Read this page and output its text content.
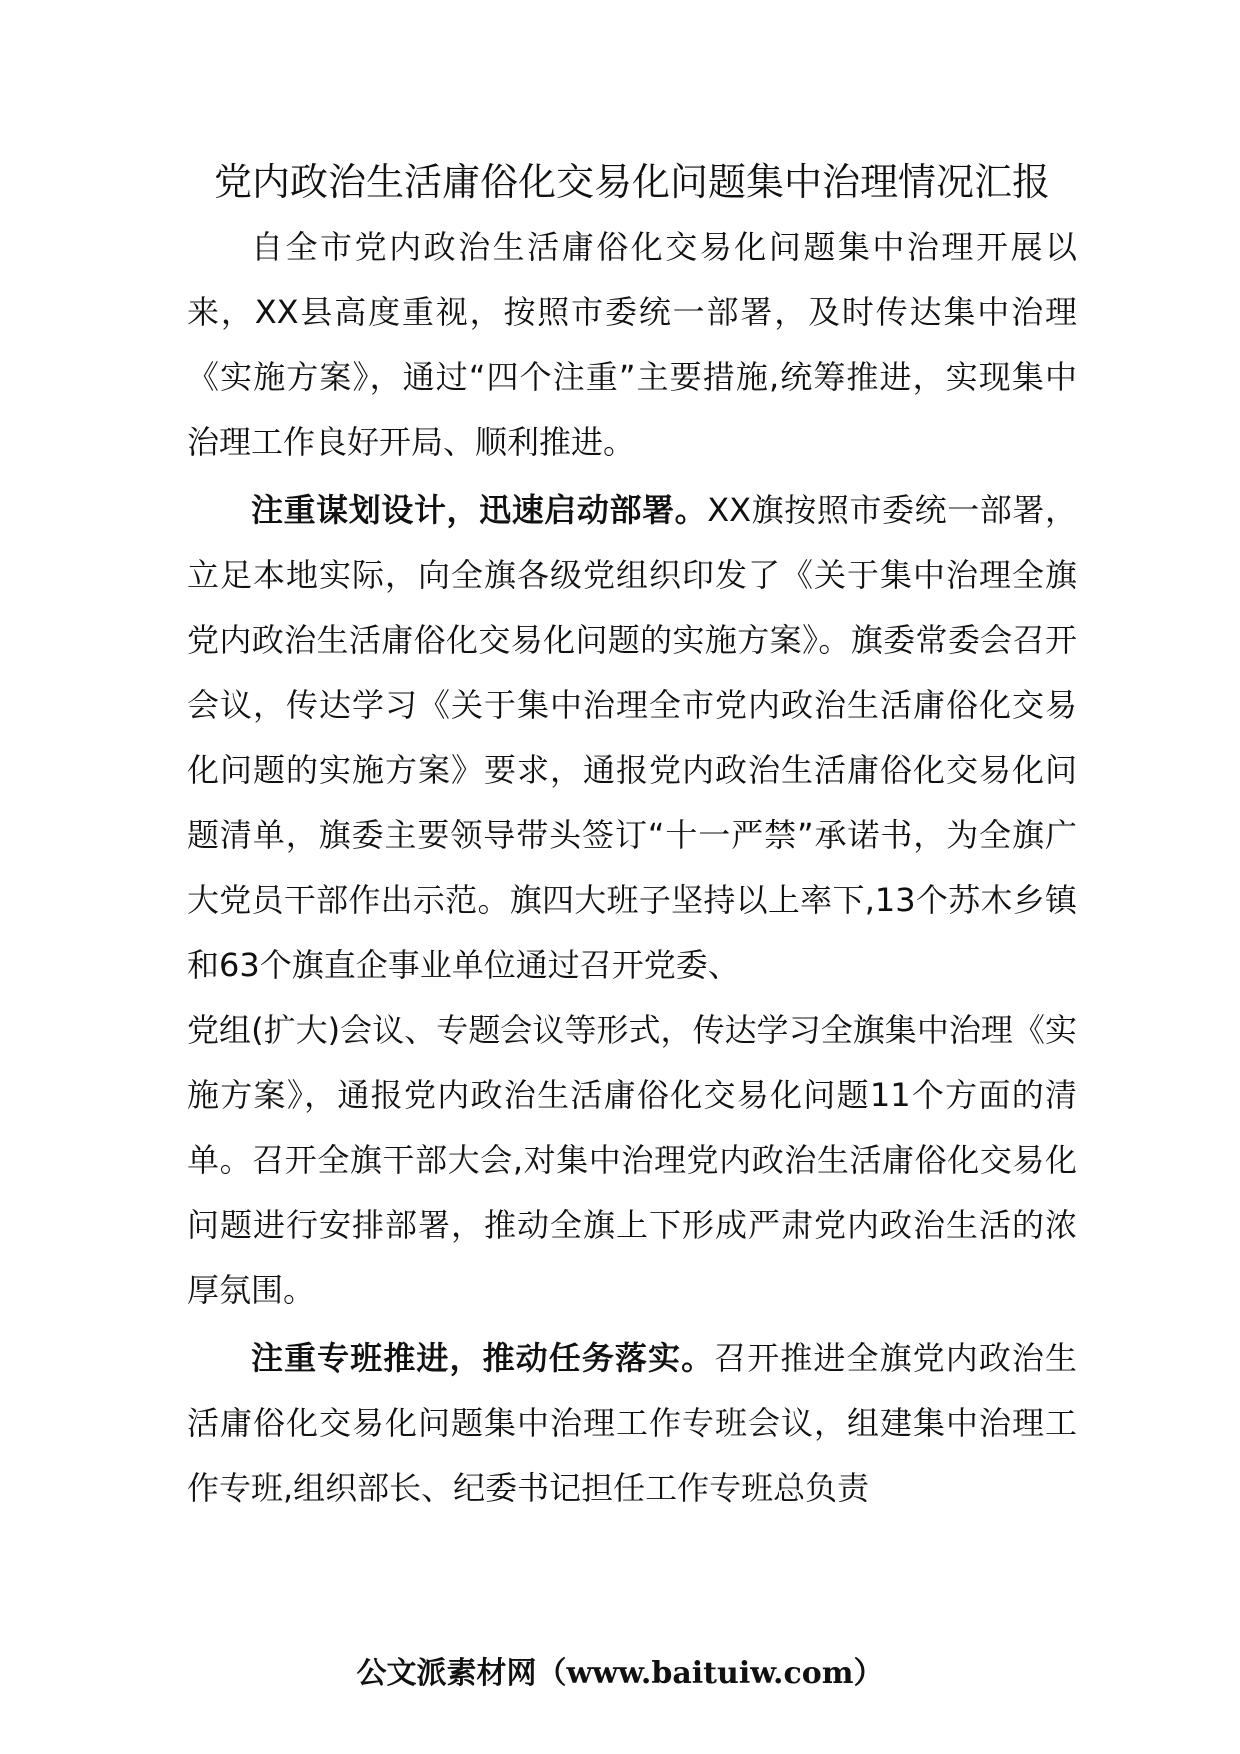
党内政治生活庸俗化交易化问题集中治理情况汇报

自全市党内政治生活庸俗化交易化问题集中治理开展以来，XX县高度重视，按照市委统一部署，及时传达集中治理《实施方案》，通过“四个注重”主要措施,统筹推进，实现集中治理工作良好开局、顺利推进。

注重谋划设计，迅速启动部署。XX旗按照市委统一部署，立足本地实际，向全旗各级党组织印发了《关于集中治理全旗党内政治生活庸俗化交易化问题的实施方案》。旗委常委会召开会议，传达学习《关于集中治理全市党内政治生活庸俗化交易化问题的实施方案》要求，通报党内政治生活庸俗化交易化问题清单，旗委主要领导带头签订“十一严禁”承诺书，为全旗广大党员干部作出示范。旗四大班子坚持以上率下,13个苏木乡镇和63个旗直企事业单位通过召开党委、

党组(扩大)会议、专题会议等形式，传达学习全旗集中治理《实施方案》，通报党内政治生活庸俗化交易化问题11个方面的清单。召开全旗干部大会,对集中治理党内政治生活庸俗化交易化问题进行安排部署，推动全旗上下形成严肃党内政治生活的浓厚氛围。

注重专班推进，推动任务落实。召开推进全旗党内政治生活庸俗化交易化问题集中治理工作专班会议，组建集中治理工作专班,组织部长、纪委书记担任工作专班总负责

公文派素材网（www.baituiw.com）
